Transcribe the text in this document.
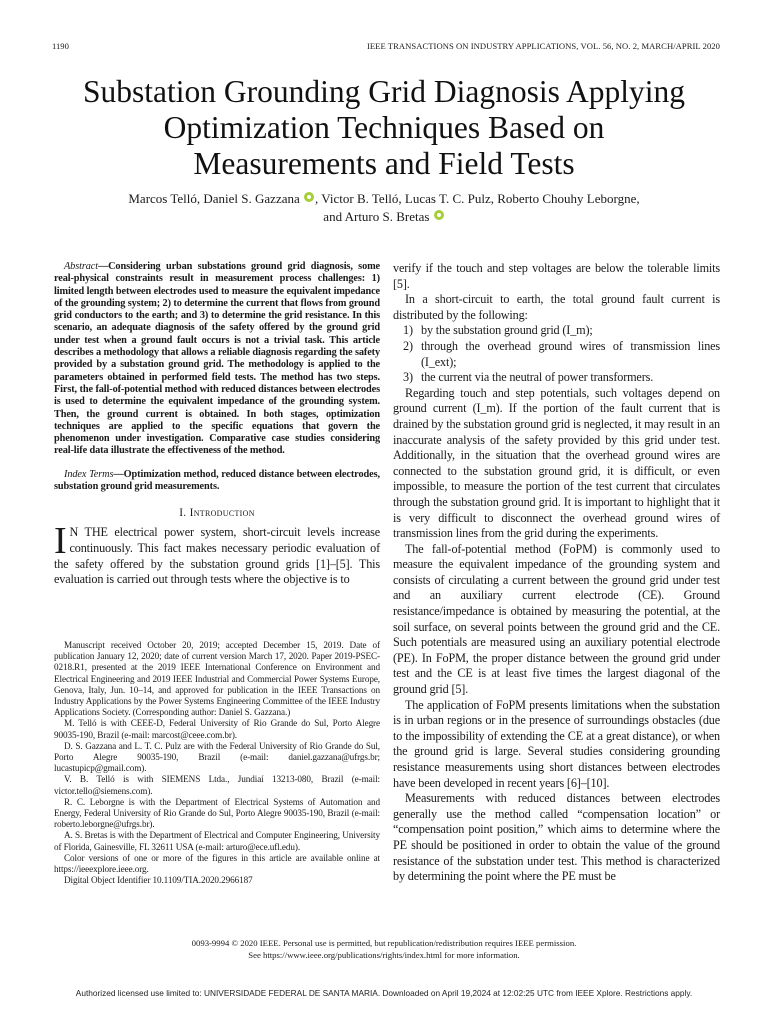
1190	IEEE TRANSACTIONS ON INDUSTRY APPLICATIONS, VOL. 56, NO. 2, MARCH/APRIL 2020
Substation Grounding Grid Diagnosis Applying
Optimization Techniques Based on
Measurements and Field Tests
Marcos Telló, Daniel S. Gazzana , Victor B. Telló, Lucas T. C. Pulz, Roberto Chouhy Leborgne,
and Arturo S. Bretas
Abstract—Considering urban substations ground grid diagnosis, some real-physical constraints result in measurement process challenges: 1) limited length between electrodes used to measure the equivalent impedance of the grounding system; 2) to determine the current that flows from ground grid conductors to the earth; and 3) to determine the grid resistance. In this scenario, an adequate diagnosis of the safety offered by the ground grid under test when a ground fault occurs is not a trivial task. This article describes a methodology that allows a reliable diagnosis regarding the safety provided by a substation ground grid. The methodology is applied to the parameters obtained in performed field tests. The method has two steps. First, the fall-of-potential method with reduced distances between electrodes is used to determine the equivalent impedance of the grounding system. Then, the ground current is obtained. In both stages, optimization techniques are applied to the specific equations that govern the phenomenon under investigation. Comparative case studies considering real-life data illustrate the effectiveness of the method.
Index Terms—Optimization method, reduced distance between electrodes, substation ground grid measurements.
I. Introduction
I N THE electrical power system, short-circuit levels increase continuously. This fact makes necessary periodic evaluation of the safety offered by the substation ground grids [1]–[5]. This evaluation is carried out through tests where the objective is to

Manuscript received October 20, 2019; accepted December 15, 2019. Date of publication January 12, 2020; date of current version March 17, 2020. Paper 2019-PSEC-0218.R1, presented at the 2019 IEEE International Conference on Environment and Electrical Engineering and 2019 IEEE Industrial and Commercial Power Systems Europe, Genova, Italy, Jun. 10–14, and approved for publication in the IEEE Transactions on Industry Applications by the Power Systems Engineering Committee of the IEEE Industry Applications Society. (Corresponding author: Daniel S. Gazzana.)

M. Telló is with CEEE-D, Federal University of Rio Grande do Sul, Porto Alegre 90035-190, Brazil (e-mail: marcost@ceee.com.br).

D. S. Gazzana and L. T. C. Pulz are with the Federal University of Rio Grande do Sul, Porto Alegre 90035-190, Brazil (e-mail: daniel.gazzana@ufrgs.br; lucastupicp@gmail.com).

V. B. Telló is with SIEMENS Ltda., Jundiaí 13213-080, Brazil (e-mail: victor.tello@siemens.com).

R. C. Leborgne is with the Department of Electrical Systems of Automation and Energy, Federal University of Rio Grande do Sul, Porto Alegre 90035-190, Brazil (e-mail: roberto.leborgne@ufrgs.br).

A. S. Bretas is with the Department of Electrical and Computer Engineering, University of Florida, Gainesville, FL 32611 USA (e-mail: arturo@ece.ufl.edu).

Color versions of one or more of the figures in this article are available online at https://ieeexplore.ieee.org.

Digital Object Identifier 10.1109/TIA.2020.2966187

verify if the touch and step voltages are below the tolerable limits [5].

In a short-circuit to earth, the total ground fault current is distributed by the following:

1) by the substation ground grid (I_m);
2) through the overhead ground wires of transmission lines (I_ext);
3) the current via the neutral of power transformers.

Regarding touch and step potentials, such voltages depend on ground current (I_m). If the portion of the fault current that is drained by the substation ground grid is neglected, it may result in an inaccurate analysis of the safety provided by this grid under test. Additionally, in the situation that the overhead ground wires are connected to the substation ground grid, it is difficult, or even impossible, to measure the portion of the test current that circulates through the substation ground grid. It is important to highlight that it is very difficult to disconnect the overhead ground wires of transmission lines from the grid during the experiments.

The fall-of-potential method (FoPM) is commonly used to measure the equivalent impedance of the grounding system and consists of circulating a current between the ground grid under test and an auxiliary current electrode (CE). Ground resistance/impedance is obtained by measuring the potential, at the soil surface, on several points between the ground grid and the CE. Such potentials are measured using an auxiliary potential electrode (PE). In FoPM, the proper distance between the ground grid under test and the CE is at least five times the largest diagonal of the ground grid [5].

The application of FoPM presents limitations when the substation is in urban regions or in the presence of surroundings obstacles (due to the impossibility of extending the CE at a great distance), or when the ground grid is large. Several studies considering grounding resistance measurements using short distances between electrodes have been developed in recent years [6]–[10].

Measurements with reduced distances between electrodes generally use the method called “compensation location” or “compensation point position,” which aims to determine where the PE should be positioned in order to obtain the value of the ground resistance of the substation under test. This method is characterized by determining the point where the PE must be

0093-9994 © 2020 IEEE. Personal use is permitted, but republication/redistribution requires IEEE permission.
See https://www.ieee.org/publications/rights/index.html for more information.
Authorized licensed use limited to: UNIVERSIDADE FEDERAL DE SANTA MARIA. Downloaded on April 19,2024 at 12:02:25 UTC from IEEE Xplore. Restrictions apply.
